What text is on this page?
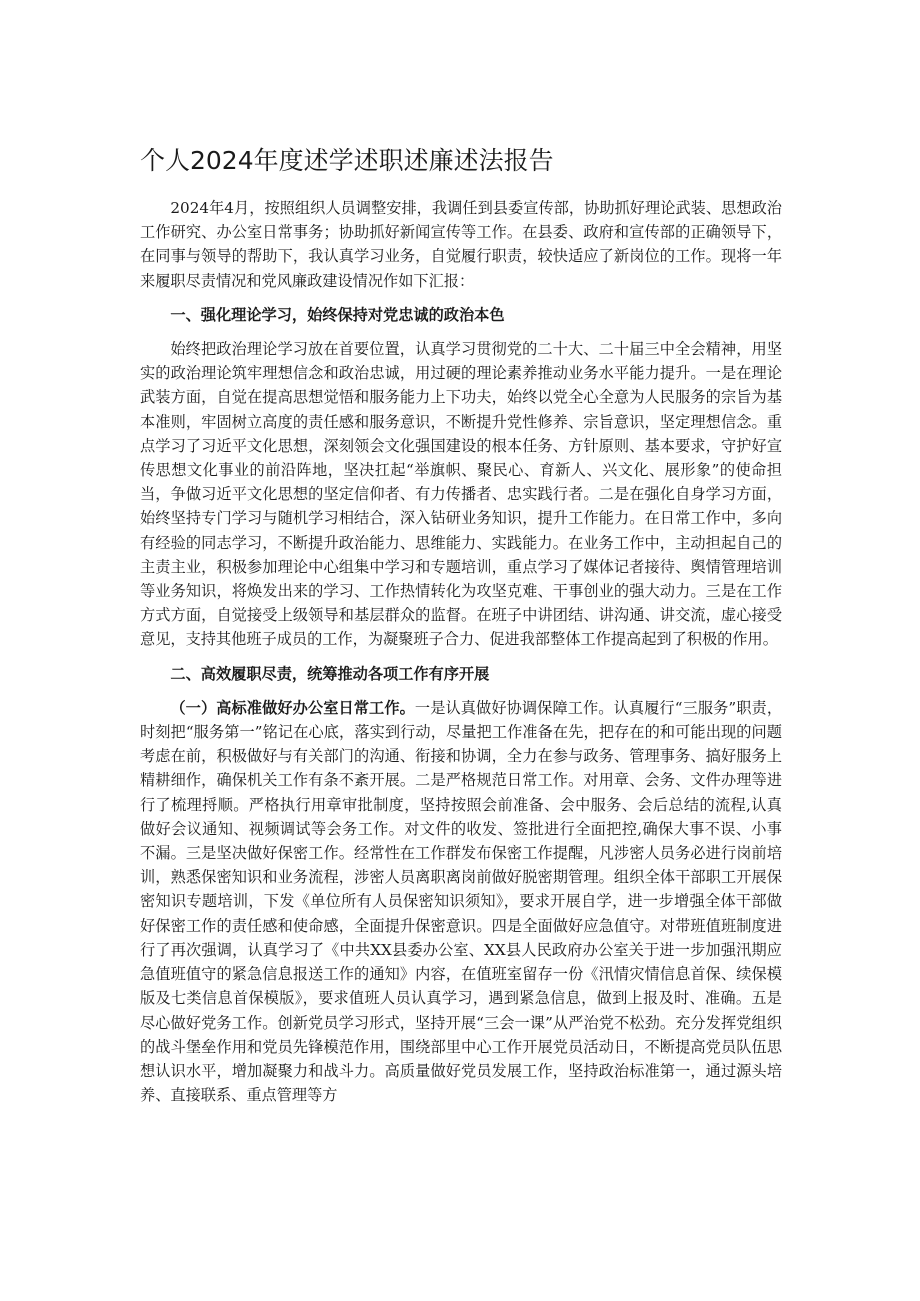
个人2024年度述学述职述廉述法报告

2024年4月，按照组织人员调整安排，我调任到县委宣传部，协助抓好理论武装、思想政治工作研究、办公室日常事务；协助抓好新闻宣传等工作。在县委、政府和宣传部的正确领导下，在同事与领导的帮助下，我认真学习业务，自觉履行职责，较快适应了新岗位的工作。现将一年来履职尽责情况和党风廉政建设情况作如下汇报：

一、强化理论学习，始终保持对党忠诚的政治本色

始终把政治理论学习放在首要位置，认真学习贯彻党的二十大、二十届三中全会精神，用坚实的政治理论筑牢理想信念和政治忠诚，用过硬的理论素养推动业务水平能力提升。一是在理论武装方面，自觉在提高思想觉悟和服务能力上下功夫，始终以党全心全意为人民服务的宗旨为基本准则，牢固树立高度的责任感和服务意识，不断提升党性修养、宗旨意识，坚定理想信念。重点学习了习近平文化思想，深刻领会文化强国建设的根本任务、方针原则、基本要求，守护好宣传思想文化事业的前沿阵地，坚决扛起“举旗帜、聚民心、育新人、兴文化、展形象”的使命担当，争做习近平文化思想的坚定信仰者、有力传播者、忠实践行者。二是在强化自身学习方面，始终坚持专门学习与随机学习相结合，深入钻研业务知识，提升工作能力。在日常工作中，多向有经验的同志学习，不断提升政治能力、思维能力、实践能力。在业务工作中，主动担起自己的主责主业，积极参加理论中心组集中学习和专题培训，重点学习了媒体记者接待、舆情管理培训等业务知识，将焕发出来的学习、工作热情转化为攻坚克难、干事创业的强大动力。三是在工作方式方面，自觉接受上级领导和基层群众的监督。在班子中讲团结、讲沟通、讲交流，虚心接受意见，支持其他班子成员的工作，为凝聚班子合力、促进我部整体工作提高起到了积极的作用。

二、高效履职尽责，统筹推动各项工作有序开展

（一）高标准做好办公室日常工作。一是认真做好协调保障工作。认真履行“三服务”职责，时刻把“服务第一”铭记在心底，落实到行动，尽量把工作准备在先，把存在的和可能出现的问题考虑在前，积极做好与有关部门的沟通、衔接和协调，全力在参与政务、管理事务、搞好服务上精耕细作，确保机关工作有条不紊开展。二是严格规范日常工作。对用章、会务、文件办理等进行了梳理捋顺。严格执行用章审批制度，坚持按照会前准备、会中服务、会后总结的流程,认真做好会议通知、视频调试等会务工作。对文件的收发、签批进行全面把控,确保大事不误、小事不漏。三是坚决做好保密工作。经常性在工作群发布保密工作提醒，凡涉密人员务必进行岗前培训，熟悉保密知识和业务流程，涉密人员离职离岗前做好脱密期管理。组织全体干部职工开展保密知识专题培训，下发《单位所有人员保密知识须知》，要求开展自学，进一步增强全体干部做好保密工作的责任感和使命感，全面提升保密意识。四是全面做好应急值守。对带班值班制度进行了再次强调，认真学习了《中共XX县委办公室、XX县人民政府办公室关于进一步加强汛期应急值班值守的紧急信息报送工作的通知》内容，在值班室留存一份《汛情灾情信息首保、续保模版及七类信息首保模版》，要求值班人员认真学习，遇到紧急信息，做到上报及时、准确。五是尽心做好党务工作。创新党员学习形式，坚持开展“三会一课”从严治党不松劲。充分发挥党组织的战斗堡垒作用和党员先锋模范作用，围绕部里中心工作开展党员活动日，不断提高党员队伍思想认识水平，增加凝聚力和战斗力。高质量做好党员发展工作，坚持政治标准第一，通过源头培养、直接联系、重点管理等方
